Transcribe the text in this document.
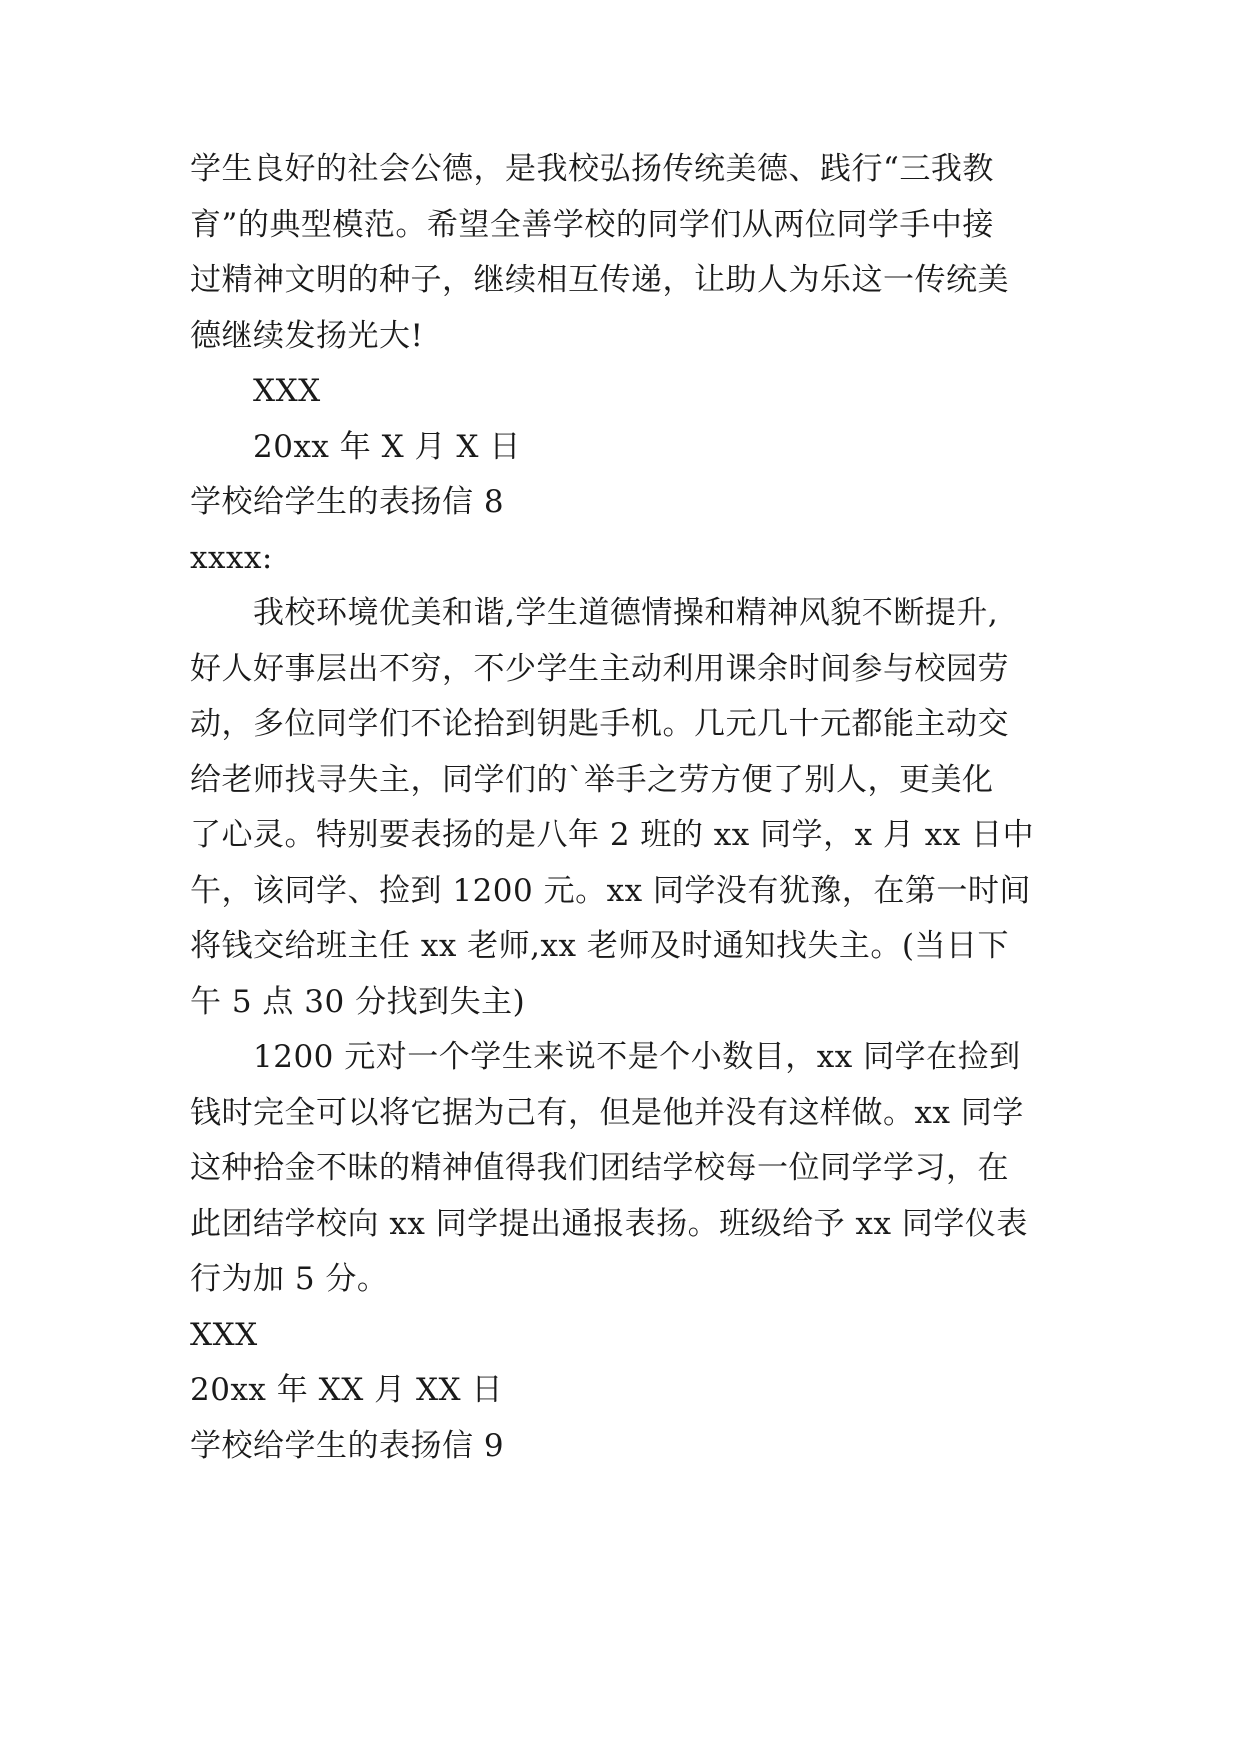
学生良好的社会公德，是我校弘扬传统美德、践行“三我教
育”的典型模范。希望全善学校的同学们从两位同学手中接
过精神文明的种子，继续相互传递，让助人为乐这一传统美
德继续发扬光大!
XXX
20xx 年 X 月 X 日
学校给学生的表扬信 8
xxxx:
我校环境优美和谐,学生道德情操和精神风貌不断提升,
好人好事层出不穷，不少学生主动利用课余时间参与校园劳
动，多位同学们不论拾到钥匙手机。几元几十元都能主动交
给老师找寻失主，同学们的`举手之劳方便了别人，更美化
了心灵。特别要表扬的是八年 2 班的 xx 同学，x 月 xx 日中
午，该同学、捡到 1200 元。xx 同学没有犹豫，在第一时间
将钱交给班主任 xx 老师,xx 老师及时通知找失主。(当日下
午 5 点 30 分找到失主)
1200 元对一个学生来说不是个小数目，xx 同学在捡到
钱时完全可以将它据为己有，但是他并没有这样做。xx 同学
这种拾金不昧的精神值得我们团结学校每一位同学学习，在
此团结学校向 xx 同学提出通报表扬。班级给予 xx 同学仪表
行为加 5 分。
XXX
20xx 年 XX 月 XX 日
学校给学生的表扬信 9
